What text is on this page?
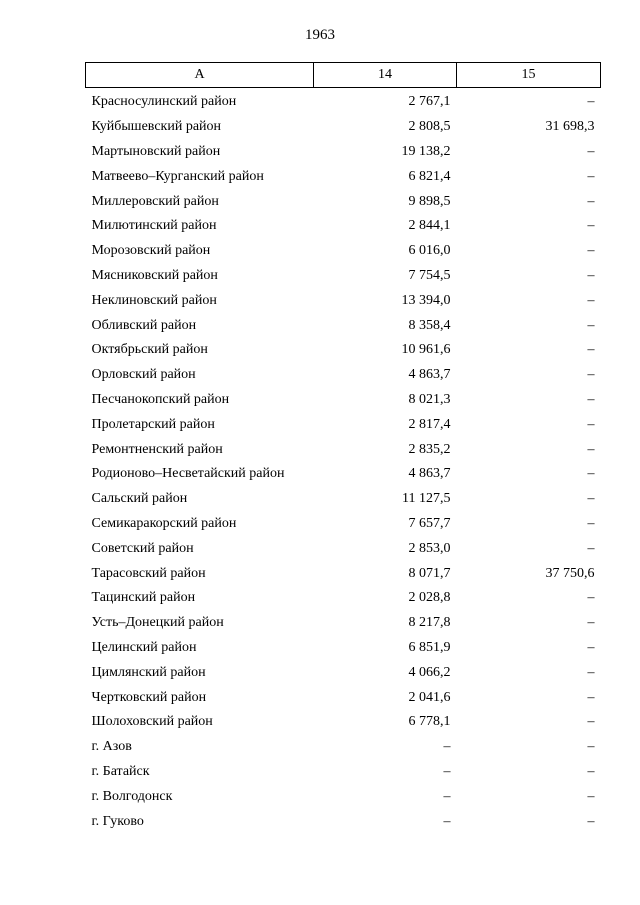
1963
А	14	15
Красносулинский район	2 767,1	–
Куйбышевский район	2 808,5	31 698,3
Мартыновский район	19 138,2	–
Матвеево–Курганский район	6 821,4	–
Миллеровский район	9 898,5	–
Милютинский район	2 844,1	–
Морозовский район	6 016,0	–
Мясниковский район	7 754,5	–
Неклиновский район	13 394,0	–
Обливский район	8 358,4	–
Октябрьский район	10 961,6	–
Орловский район	4 863,7	–
Песчанокопский район	8 021,3	–
Пролетарский район	2 817,4	–
Ремонтненский район	2 835,2	–
Родионово–Несветайский район	4 863,7	–
Сальский район	11 127,5	–
Семикаракорский район	7 657,7	–
Советский район	2 853,0	–
Тарасовский район	8 071,7	37 750,6
Тацинский район	2 028,8	–
Усть–Донецкий район	8 217,8	–
Целинский район	6 851,9	–
Цимлянский район	4 066,2	–
Чертковский район	2 041,6	–
Шолоховский район	6 778,1	–
г. Азов	–	–
г. Батайск	–	–
г. Волгодонск	–	–
г. Гуково	–	–
